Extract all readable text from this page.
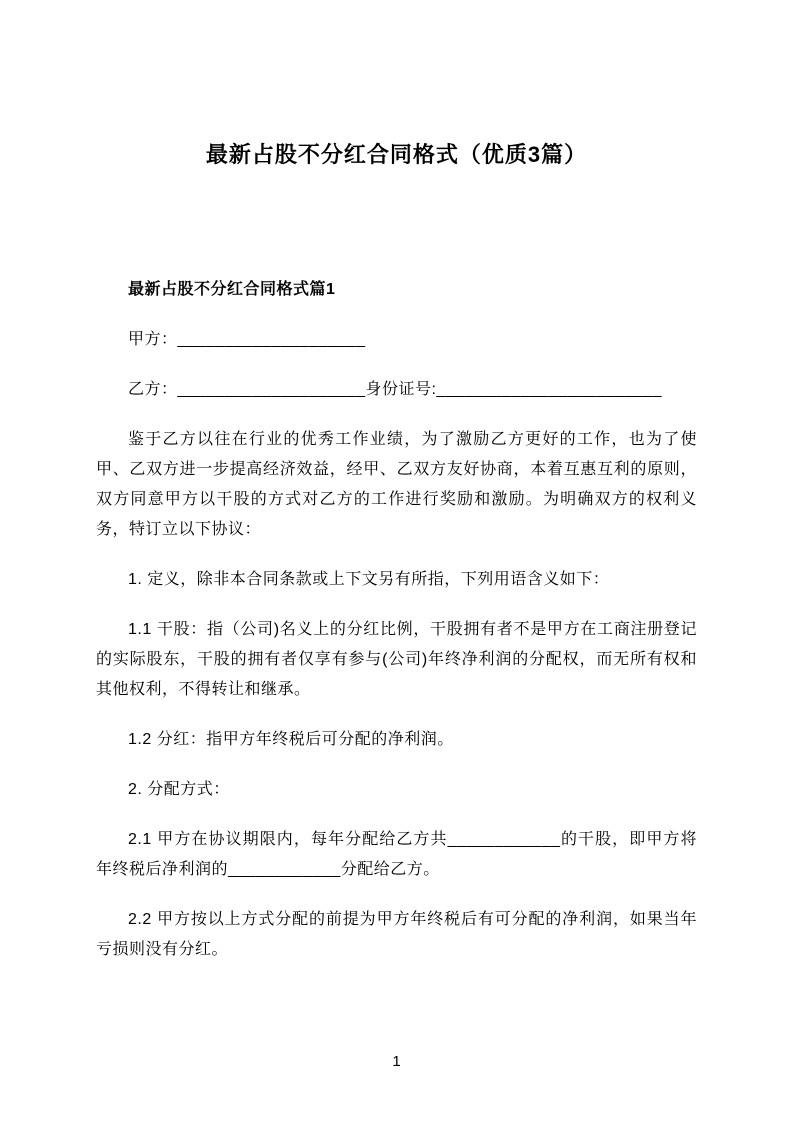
最新占股不分红合同格式（优质3篇）

最新占股不分红合同格式篇1

甲方：____________________

乙方：____________________身份证号:________________________

鉴于乙方以往在行业的优秀工作业绩，为了激励乙方更好的工作，也为了使甲、乙双方进一步提高经济效益，经甲、乙双方友好协商，本着互惠互利的原则，双方同意甲方以干股的方式对乙方的工作进行奖励和激励。为明确双方的权利义务，特订立以下协议：

1. 定义，除非本合同条款或上下文另有所指，下列用语含义如下：

1.1 干股：指（公司)名义上的分红比例，干股拥有者不是甲方在工商注册登记的实际股东，干股的拥有者仅享有参与(公司)年终净利润的分配权，而无所有权和其他权利，不得转让和继承。

1.2 分红：指甲方年终税后可分配的净利润。

2. 分配方式：

2.1 甲方在协议期限内，每年分配给乙方共____________的干股，即甲方将年终税后净利润的____________分配给乙方。

2.2 甲方按以上方式分配的前提为甲方年终税后有可分配的净利润，如果当年亏损则没有分红。

1
